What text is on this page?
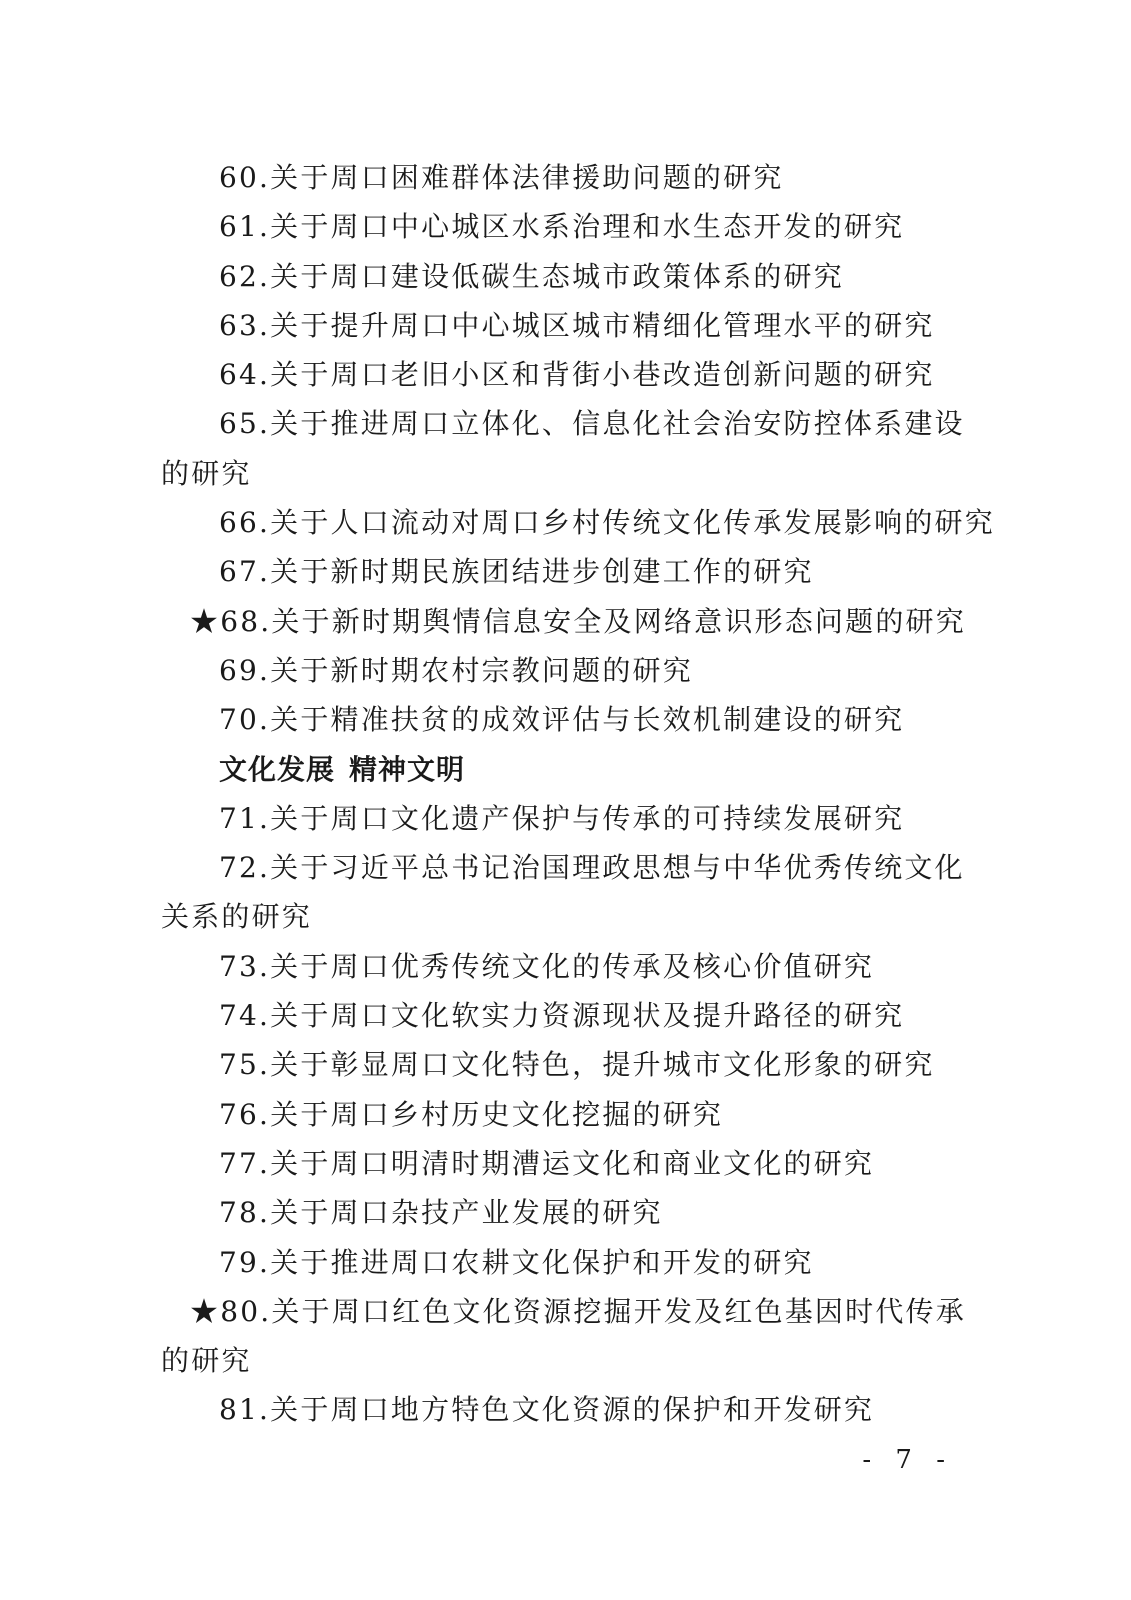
60.关于周口困难群体法律援助问题的研究
61.关于周口中心城区水系治理和水生态开发的研究
62.关于周口建设低碳生态城市政策体系的研究
63.关于提升周口中心城区城市精细化管理水平的研究
64.关于周口老旧小区和背街小巷改造创新问题的研究
65.关于推进周口立体化、信息化社会治安防控体系建设
的研究
66.关于人口流动对周口乡村传统文化传承发展影响的研究
67.关于新时期民族团结进步创建工作的研究
★68.关于新时期舆情信息安全及网络意识形态问题的研究
69.关于新时期农村宗教问题的研究
70.关于精准扶贫的成效评估与长效机制建设的研究
文化发展 精神文明
71.关于周口文化遗产保护与传承的可持续发展研究
72.关于习近平总书记治国理政思想与中华优秀传统文化
关系的研究
73.关于周口优秀传统文化的传承及核心价值研究
74.关于周口文化软实力资源现状及提升路径的研究
75.关于彰显周口文化特色，提升城市文化形象的研究
76.关于周口乡村历史文化挖掘的研究
77.关于周口明清时期漕运文化和商业文化的研究
78.关于周口杂技产业发展的研究
79.关于推进周口农耕文化保护和开发的研究
★80.关于周口红色文化资源挖掘开发及红色基因时代传承
的研究
81.关于周口地方特色文化资源的保护和开发研究
- 7 -
